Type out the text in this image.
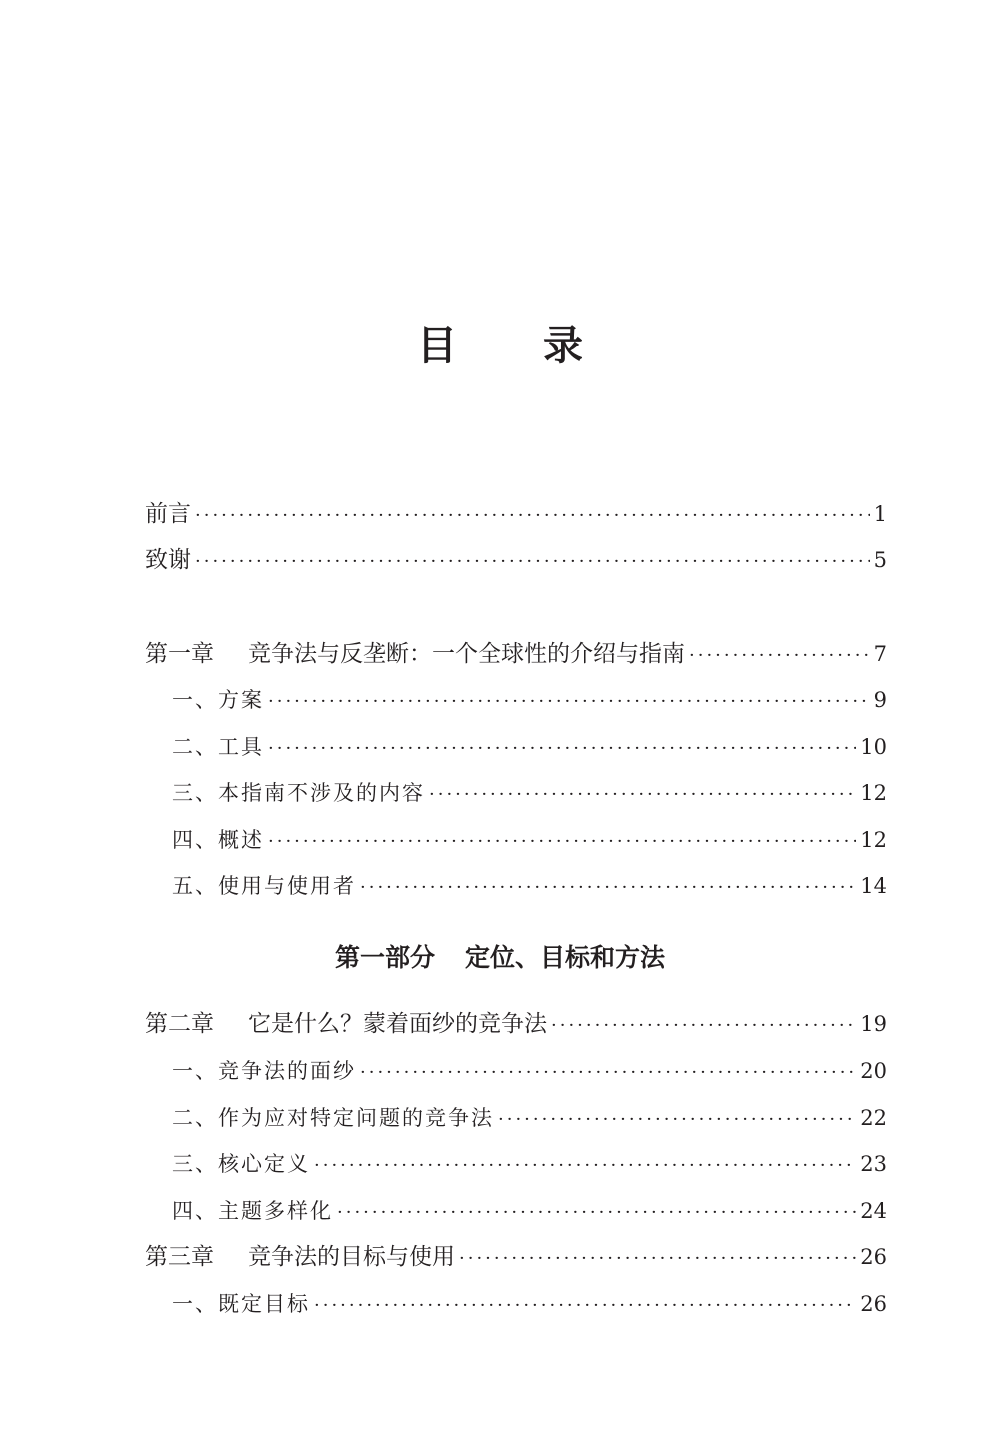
目 录
前言 ·····	1
致谢 ·····	5
第一章 竞争法与反垄断：一个全球性的介绍与指南 ·····	7
一、方案 ·····	9
二、工具 ·····	10
三、本指南不涉及的内容 ·····	12
四、概述 ·····	12
五、使用与使用者 ·····	14
第一部分 定位、目标和方法
第二章 它是什么？蒙着面纱的竞争法 ·····	19
一、竞争法的面纱 ·····	20
二、作为应对特定问题的竞争法 ·····	22
三、核心定义 ·····	23
四、主题多样化 ·····	24
第三章 竞争法的目标与使用 ·····	26
一、既定目标 ·····	26
